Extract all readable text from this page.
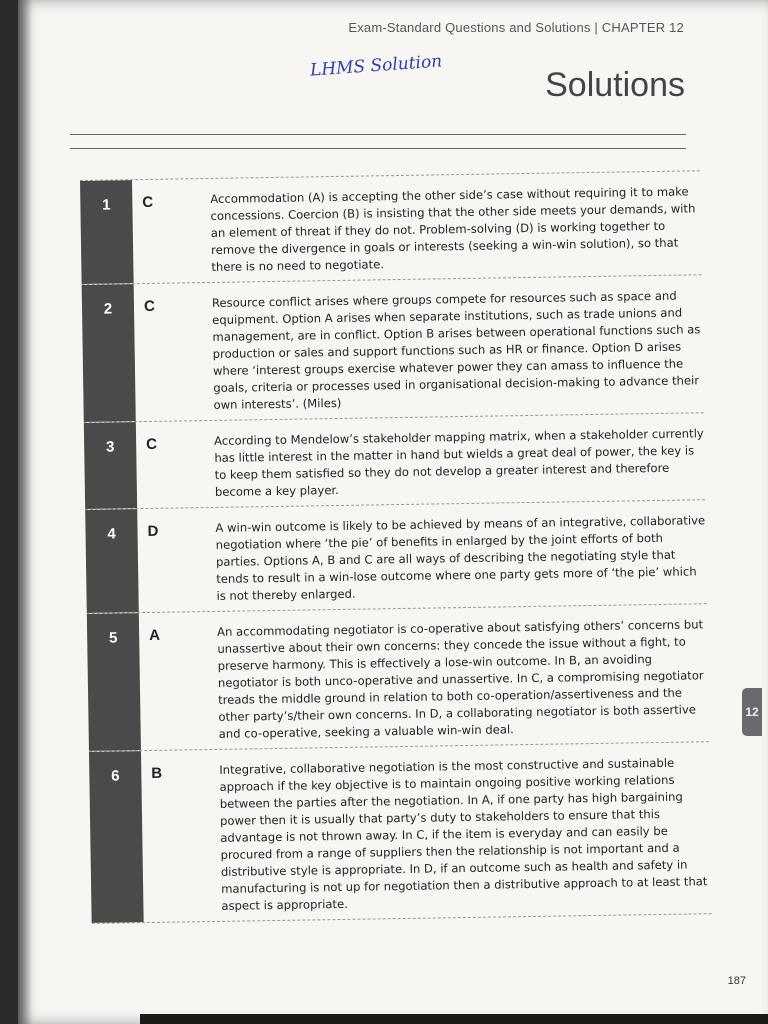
Exam-Standard Questions and Solutions | CHAPTER 12
LHMS Solution
Solutions
1	C	Accommodation (A) is accepting the other side’s case without requiring it to make concessions. Coercion (B) is insisting that the other side meets your demands, with an element of threat if they do not. Problem-solving (D) is working together to remove the divergence in goals or interests (seeking a win-win solution), so that there is no need to negotiate.
2	C	Resource conflict arises where groups compete for resources such as space and equipment. Option A arises when separate institutions, such as trade unions and management, are in conflict. Option B arises between operational functions such as production or sales and support functions such as HR or finance. Option D arises where ‘interest groups exercise whatever power they can amass to influence the goals, criteria or processes used in organisational decision-making to advance their own interests’. (Miles)
3	C	According to Mendelow’s stakeholder mapping matrix, when a stakeholder currently has little interest in the matter in hand but wields a great deal of power, the key is to keep them satisfied so they do not develop a greater interest and therefore become a key player.
4	D	A win-win outcome is likely to be achieved by means of an integrative, collaborative negotiation where ‘the pie’ of benefits in enlarged by the joint efforts of both parties. Options A, B and C are all ways of describing the negotiating style that tends to result in a win-lose outcome where one party gets more of ‘the pie’ which is not thereby enlarged.
5	A	An accommodating negotiator is co-operative about satisfying others’ concerns but unassertive about their own concerns: they concede the issue without a fight, to preserve harmony. This is effectively a lose-win outcome. In B, an avoiding negotiator is both unco-operative and unassertive. In C, a compromising negotiator treads the middle ground in relation to both co-operation/assertiveness and the other party’s/their own concerns. In D, a collaborating negotiator is both assertive and co-operative, seeking a valuable win-win deal.
6	B	Integrative, collaborative negotiation is the most constructive and sustainable approach if the key objective is to maintain ongoing positive working relations between the parties after the negotiation. In A, if one party has high bargaining power then it is usually that party’s duty to stakeholders to ensure that this advantage is not thrown away. In C, if the item is everyday and can easily be procured from a range of suppliers then the relationship is not important and a distributive style is appropriate. In D, if an outcome such as health and safety in manufacturing is not up for negotiation then a distributive approach to at least that aspect is appropriate.
12
187
